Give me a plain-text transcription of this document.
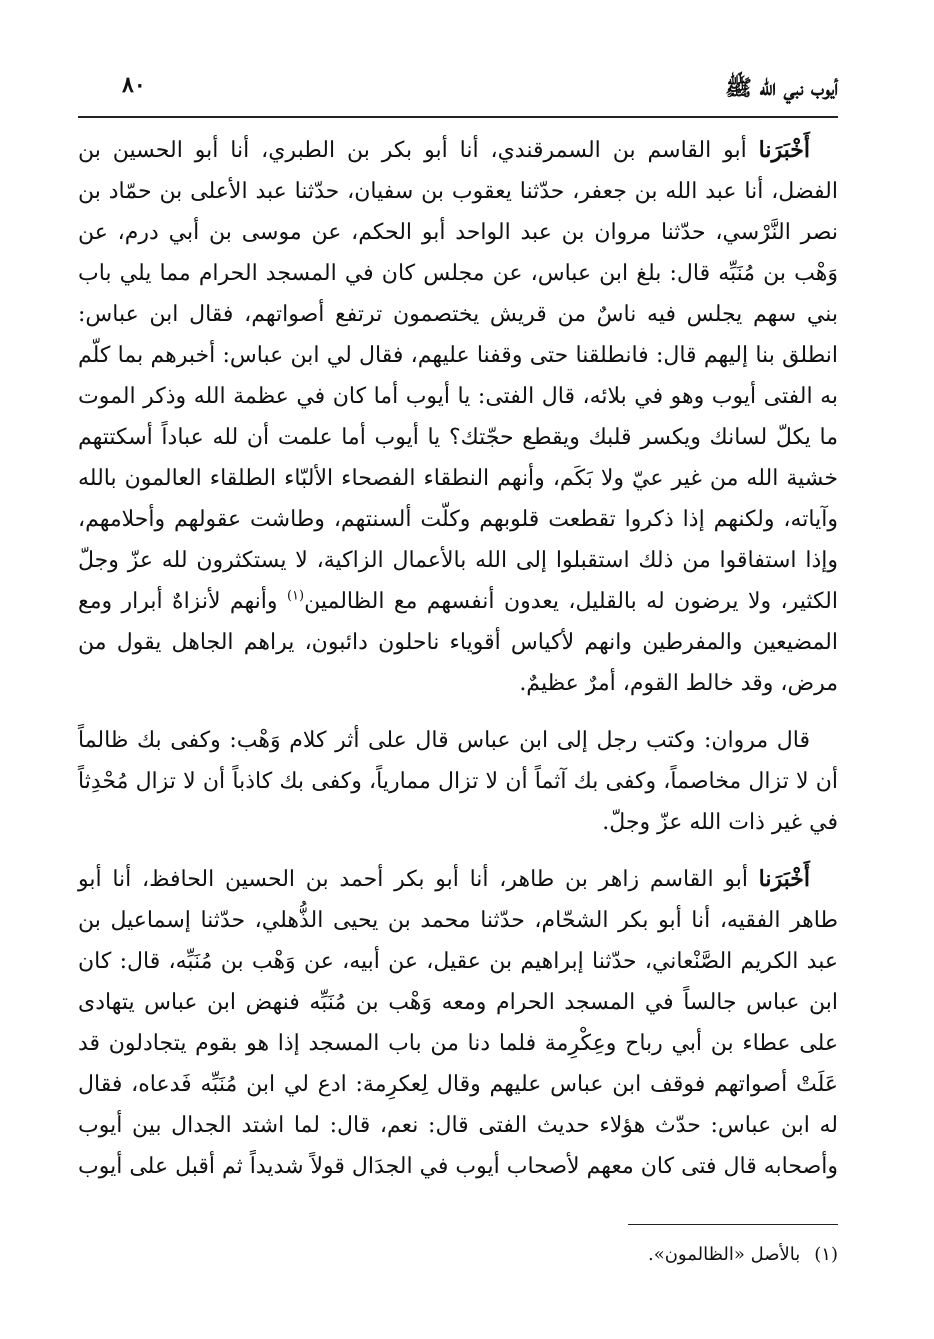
أيوب نبي الله ﷺ
٨٠

أَخْبَرَنا أبو القاسم بن السمرقندي، أنا أبو بكر بن الطبري، أنا أبو الحسين بن الفضل، أنا عبد الله بن جعفر، حدّثنا يعقوب بن سفيان، حدّثنا عبد الأعلى بن حمّاد بن نصر النَّرْسي، حدّثنا مروان بن عبد الواحد أبو الحكم، عن موسى بن أبي درم، عن وَهْب بن مُنَبِّه قال: بلغ ابن عباس، عن مجلس كان في المسجد الحرام مما يلي باب بني سهم يجلس فيه ناسٌ من قريش يختصمون ترتفع أصواتهم، فقال ابن عباس: انطلق بنا إليهم قال: فانطلقنا حتى وقفنا عليهم، فقال لي ابن عباس: أخبرهم بما كلّم به الفتى أيوب وهو في بلائه، قال الفتى: يا أيوب أما كان في عظمة الله وذكر الموت ما يكلّ لسانك ويكسر قلبك ويقطع حجّتك؟ يا أيوب أما علمت أن لله عباداً أسكتتهم خشية الله من غير عيّ ولا بَكَم، وأنهم النطقاء الفصحاء الألبّاء الطلقاء العالمون بالله وآياته، ولكنهم إذا ذكروا تقطعت قلوبهم وكلّت ألسنتهم، وطاشت عقولهم وأحلامهم، وإذا استفاقوا من ذلك استقبلوا إلى الله بالأعمال الزاكية، لا يستكثرون لله عزّ وجلّ الكثير، ولا يرضون له بالقليل، يعدون أنفسهم مع الظالمين$^{(١)}$ وأنهم لأنزاهٌ أبرار ومع المضيعين والمفرطين وانهم لأكياس أقوياء ناحلون دائبون، يراهم الجاهل يقول من مرض، وقد خالط القوم، أمرٌ عظيمٌ.

قال مروان: وكتب رجل إلى ابن عباس قال على أثر كلام وَهْب: وكفى بك ظالماً أن لا تزال مخاصماً، وكفى بك آثماً أن لا تزال ممارياً، وكفى بك كاذباً أن لا تزال مُحْدِثاً في غير ذات الله عزّ وجلّ.

أَخْبَرَنا أبو القاسم زاهر بن طاهر، أنا أبو بكر أحمد بن الحسين الحافظ، أنا أبو طاهر الفقيه، أنا أبو بكر الشحّام، حدّثنا محمد بن يحيى الذُّهلي، حدّثنا إسماعيل بن عبد الكريم الصَّنْعاني، حدّثنا إبراهيم بن عقيل، عن أبيه، عن وَهْب بن مُنَبِّه، قال: كان ابن عباس جالساً في المسجد الحرام ومعه وَهْب بن مُنَبِّه فنهض ابن عباس يتهادى على عطاء بن أبي رباح وعِكْرِمة فلما دنا من باب المسجد إذا هو بقوم يتجادلون قد عَلَتْ أصواتهم فوقف ابن عباس عليهم وقال لِعكرِمة: ادع لي ابن مُنَبِّه فَدعاه، فقال له ابن عباس: حدّث هؤلاء حديث الفتى قال: نعم، قال: لما اشتد الجدال بين أيوب وأصحابه قال فتى كان معهم لأصحاب أيوب في الجدَال قولاً شديداً ثم أقبل على أيوب

(١)بالأصل «الظالمون».
